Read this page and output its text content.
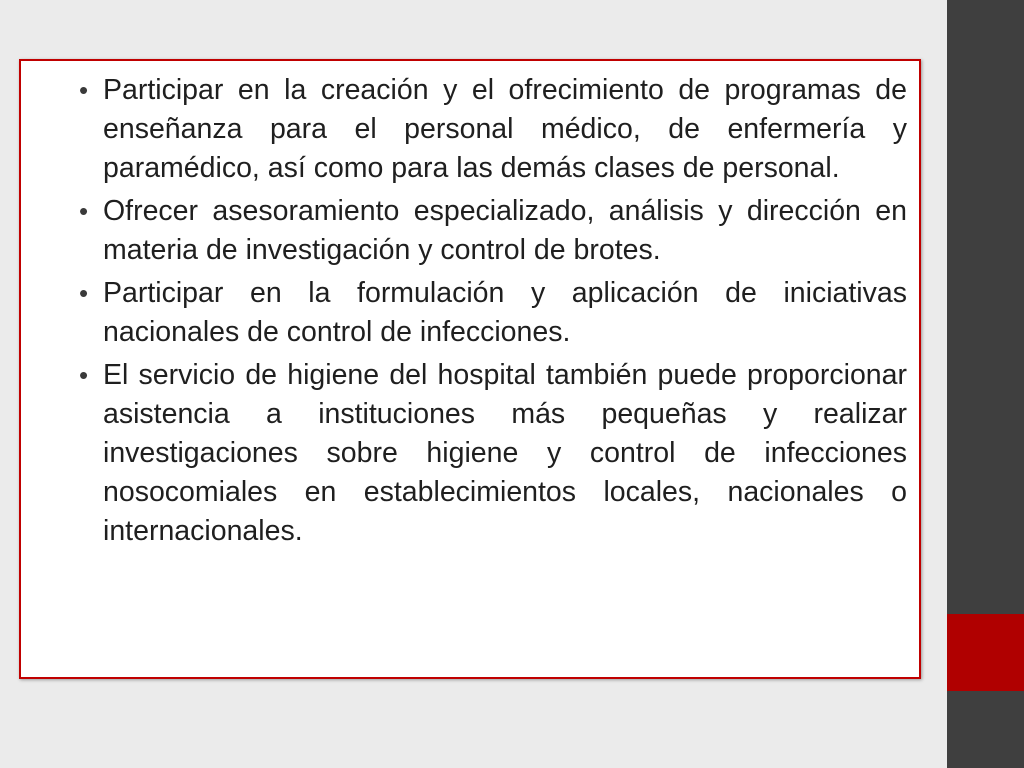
• Participar en la creación y el ofrecimiento de programas de enseñanza para el personal médico, de enfermería y paramédico, así como para las demás clases de personal.
• Ofrecer asesoramiento especializado, análisis y dirección en materia de investigación y control de brotes.
• Participar en la formulación y aplicación de iniciativas nacionales de control de infecciones.
• El servicio de higiene del hospital también puede proporcionar asistencia a instituciones más pequeñas y realizar investigaciones sobre higiene y control de infecciones nosocomiales en establecimientos locales, nacionales o internacionales.
